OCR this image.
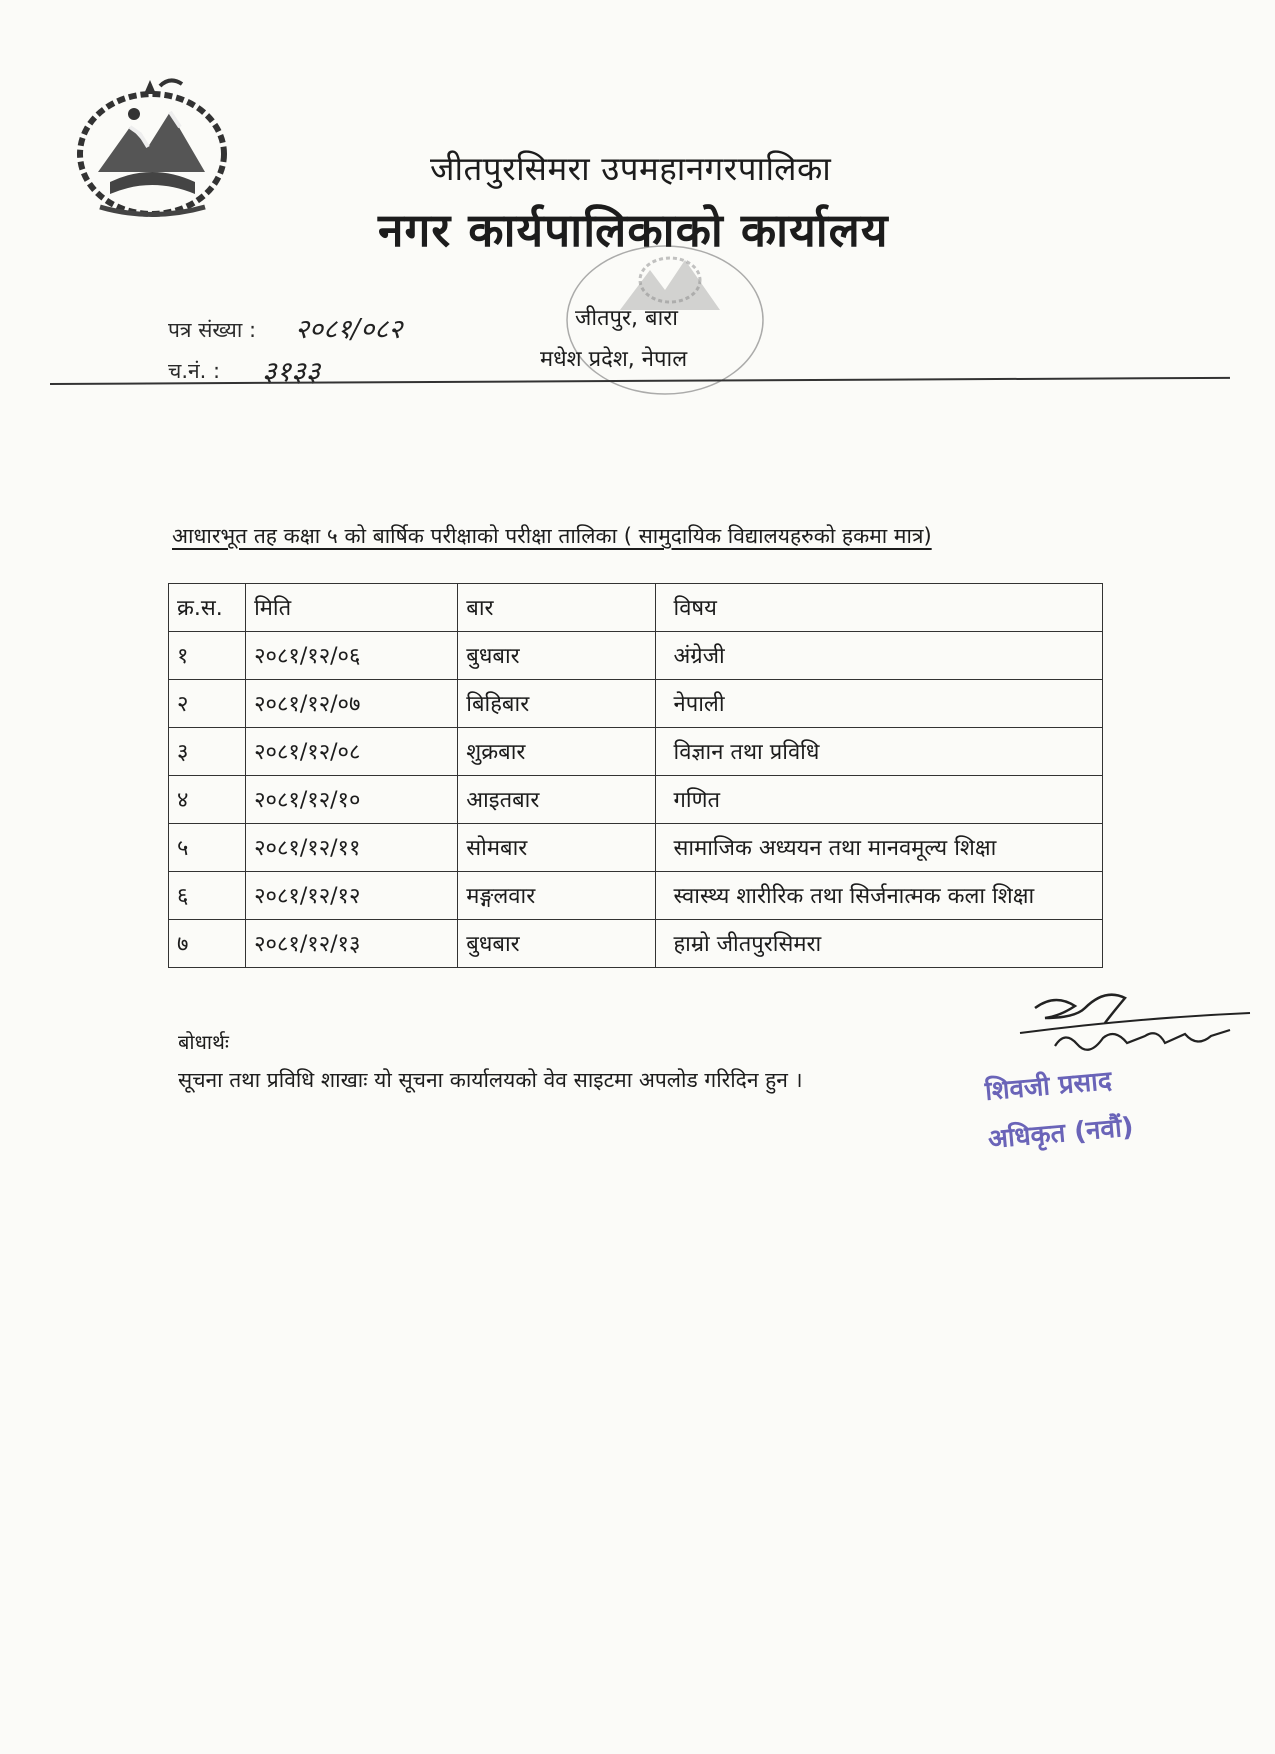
जीतपुरसिमरा उपमहानगरपालिका
नगर कार्यपालिकाको कार्यालय
जीतपुर, बारा
मधेश प्रदेश, नेपाल
पत्र संख्या : २०८१/०८२
च.नं. : ३१३३
आधारभूत तह कक्षा ५ को बार्षिक परीक्षाको परीक्षा तालिका ( सामुदायिक विद्यालयहरुको हकमा मात्र)
क्र.स.	मिति	बार	विषय
१	२०८१/१२/०६	बुधबार	अंग्रेजी
२	२०८१/१२/०७	बिहिबार	नेपाली
३	२०८१/१२/०८	शुक्रबार	विज्ञान तथा प्रविधि
४	२०८१/१२/१०	आइतबार	गणित
५	२०८१/१२/११	सोमबार	सामाजिक अध्ययन तथा मानवमूल्य शिक्षा
६	२०८१/१२/१२	मङ्गलवार	स्वास्थ्य शारीरिक तथा सिर्जनात्मक कला शिक्षा
७	२०८१/१२/१३	बुधबार	हाम्रो जीतपुरसिमरा
बोधार्थः
सूचना तथा प्रविधि शाखाः यो सूचना कार्यालयको वेव साइटमा अपलोड गरिदिन हुन ।	शिवजी प्रसाद
अधिकृत (नवौं)
